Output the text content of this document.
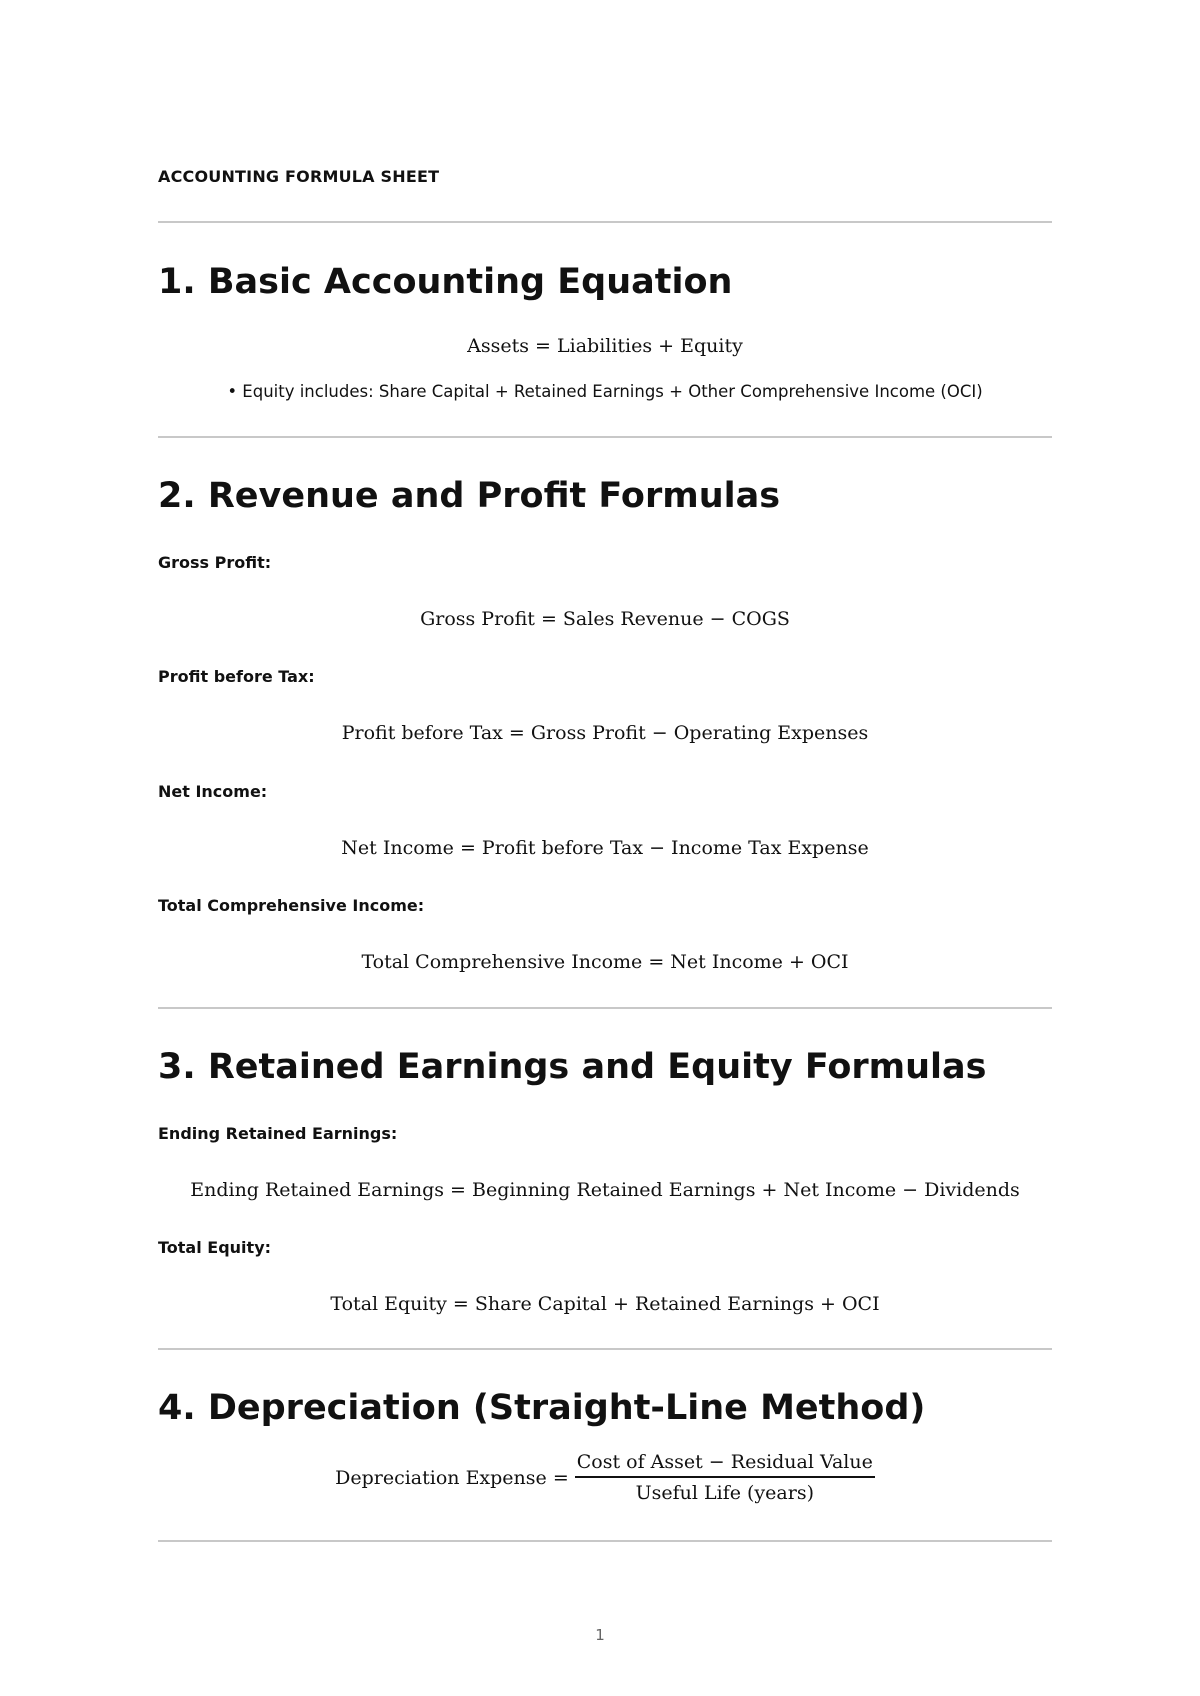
ACCOUNTING FORMULA SHEET
1. Basic Accounting Equation
Assets = Liabilities + Equity
• Equity includes: Share Capital + Retained Earnings + Other Comprehensive Income (OCI)
2. Revenue and Profit Formulas
Gross Profit:
Gross Profit = Sales Revenue − COGS
Profit before Tax:
Profit before Tax = Gross Profit − Operating Expenses
Net Income:
Net Income = Profit before Tax − Income Tax Expense
Total Comprehensive Income:
Total Comprehensive Income = Net Income + OCI
3. Retained Earnings and Equity Formulas
Ending Retained Earnings:
Ending Retained Earnings = Beginning Retained Earnings + Net Income − Dividends
Total Equity:
Total Equity = Share Capital + Retained Earnings + OCI
4. Depreciation (Straight-Line Method)
Depreciation Expense = $\frac{\text{Cost of Asset − Residual Value}}{\text{Useful Life (years)}}$
1
